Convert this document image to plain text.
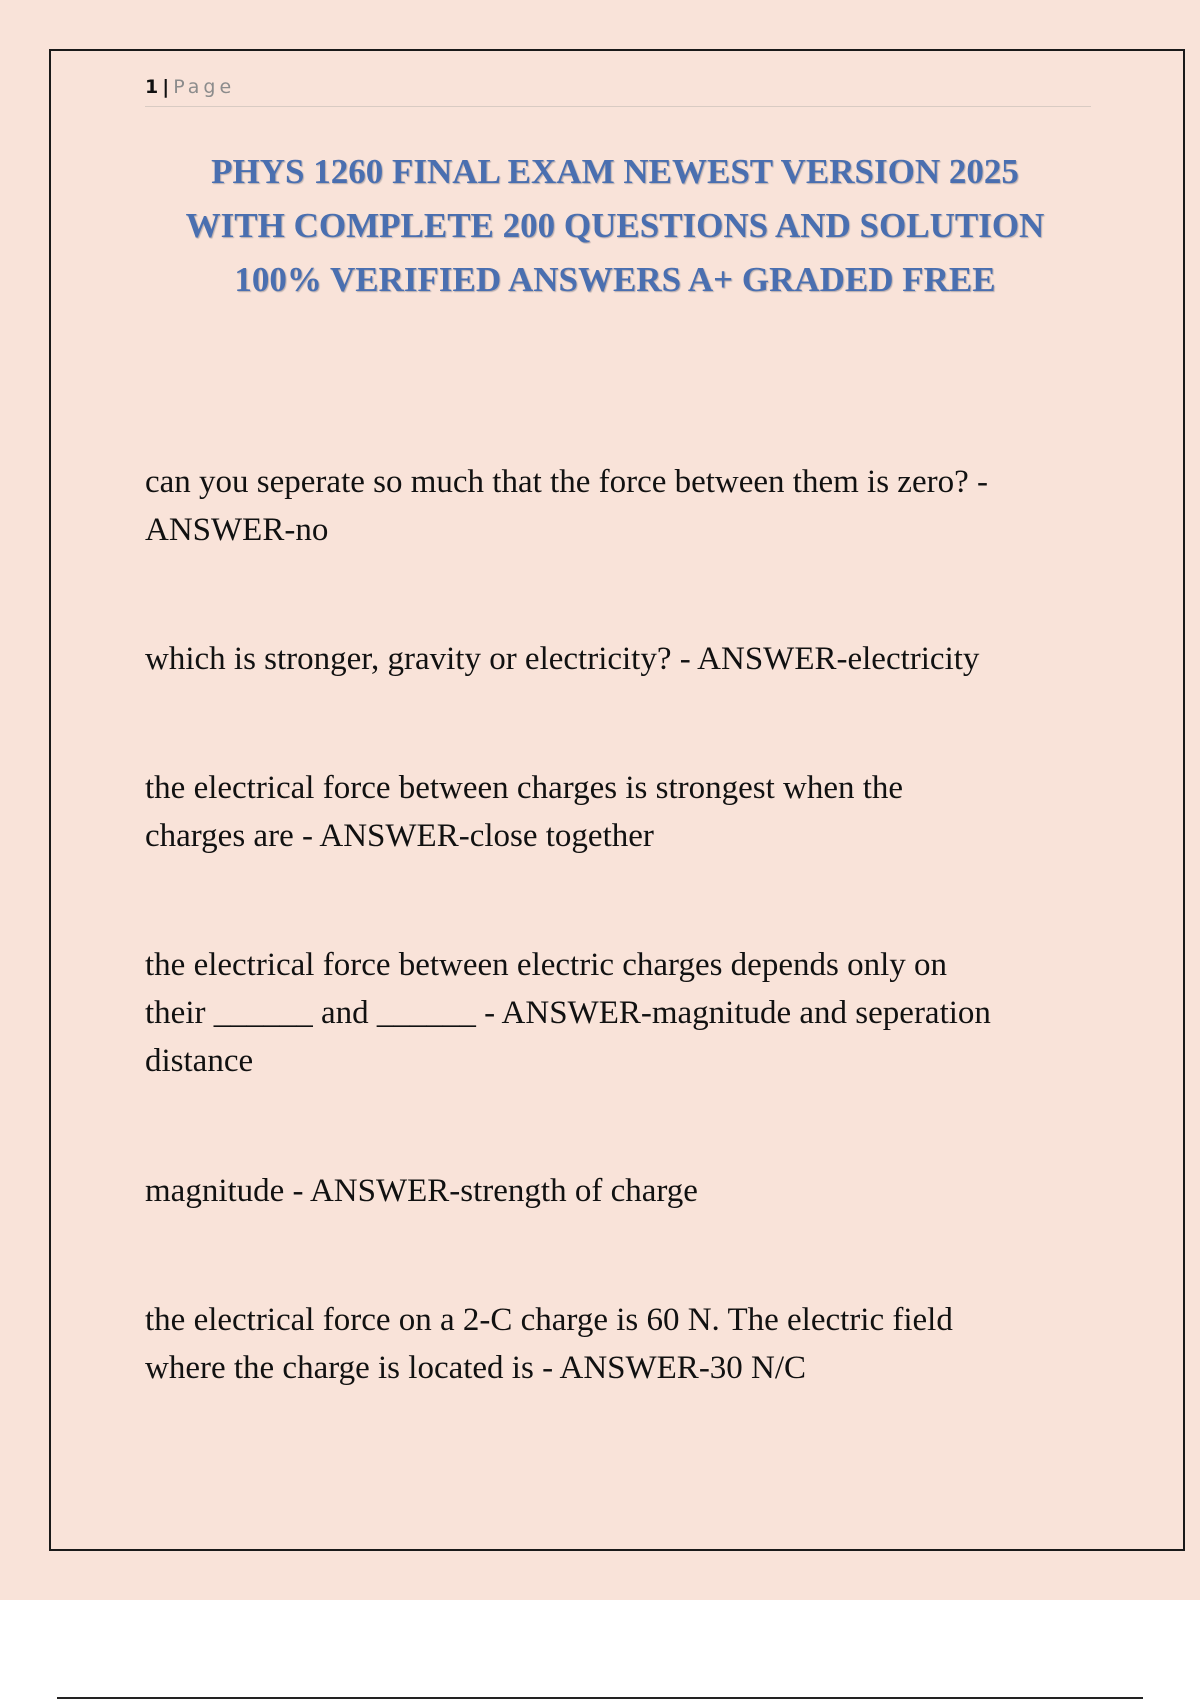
1 | Page
PHYS 1260 FINAL EXAM NEWEST VERSION 2025
WITH COMPLETE 200 QUESTIONS AND SOLUTION
100% VERIFIED ANSWERS A+ GRADED FREE
can you seperate so much that the force between them is zero? -
ANSWER-no
which is stronger, gravity or electricity? - ANSWER-electricity
the electrical force between charges is strongest when the
charges are - ANSWER-close together
the electrical force between electric charges depends only on
their ______ and ______ - ANSWER-magnitude and seperation
distance
magnitude - ANSWER-strength of charge
the electrical force on a 2-C charge is 60 N. The electric field
where the charge is located is - ANSWER-30 N/C
